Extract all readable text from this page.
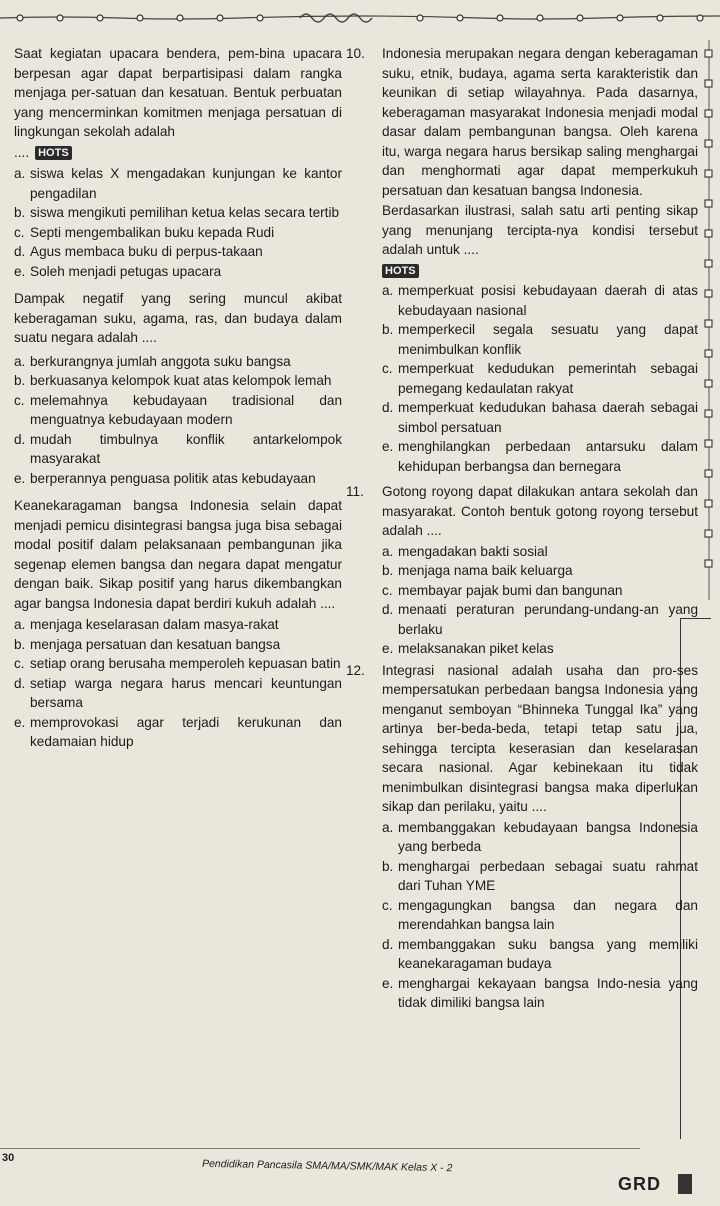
Saat kegiatan upacara bendera, pem-bina upacara berpesan agar dapat berpartisipasi dalam rangka menjaga per-satuan dan kesatuan. Bentuk perbuatan yang mencerminkan komitmen menjaga persatuan di lingkungan sekolah adalah

.... HOTS

a. siswa kelas X mengadakan kunjungan ke kantor pengadilan
b. siswa mengikuti pemilihan ketua kelas secara tertib
c. Septi mengembalikan buku kepada Rudi
d. Agus membaca buku di perpus-takaan
e. Soleh menjadi petugas upacara

Dampak negatif yang sering muncul akibat keberagaman suku, agama, ras, dan budaya dalam suatu negara adalah ....

a. berkurangnya jumlah anggota suku bangsa
b. berkuasanya kelompok kuat atas kelompok lemah
c. melemahnya kebudayaan tradisional dan menguatnya kebudayaan modern
d. mudah timbulnya konflik antarkelompok masyarakat
e. berperannya penguasa politik atas kebudayaan

Keanekaragaman bangsa Indonesia selain dapat menjadi pemicu disintegrasi bangsa juga bisa sebagai modal positif dalam pelaksanaan pembangunan jika segenap elemen bangsa dan negara dapat mengatur dengan baik. Sikap positif yang harus dikembangkan agar bangsa Indonesia dapat berdiri kukuh adalah ....

a. menjaga keselarasan dalam masya-rakat
b. menjaga persatuan dan kesatuan bangsa
c. setiap orang berusaha memperoleh kepuasan batin
d. setiap warga negara harus mencari keuntungan bersama
e. memprovokasi agar terjadi kerukunan dan kedamaian hidup
10.	Indonesia merupakan negara dengan keberagaman suku, etnik, budaya, agama serta karakteristik dan keunikan di setiap wilayahnya. Pada dasarnya, keberagaman masyarakat Indonesia menjadi modal dasar dalam pembangunan bangsa. Oleh karena itu, warga negara harus bersikap saling menghargai dan menghormati agar dapat memperkukuh persatuan dan kesatuan bangsa Indonesia.

Berdasarkan ilustrasi, salah satu arti penting sikap yang menunjang tercipta-nya kondisi tersebut adalah untuk ....

HOTS
a. memperkuat posisi kebudayaan daerah di atas kebudayaan nasional
b. memperkecil segala sesuatu yang dapat menimbulkan konflik
c. memperkuat kedudukan pemerintah sebagai pemegang kedaulatan rakyat
d. memperkuat kedudukan bahasa daerah sebagai simbol persatuan
e. menghilangkan perbedaan antarsuku dalam kehidupan berbangsa dan bernegara
11.	Gotong royong dapat dilakukan antara sekolah dan masyarakat. Contoh bentuk gotong royong tersebut adalah ....

a. mengadakan bakti sosial
b. menjaga nama baik keluarga
c. membayar pajak bumi dan bangunan
d. menaati peraturan perundang-undang-an yang berlaku
e. melaksanakan piket kelas
12.	Integrasi nasional adalah usaha dan pro-ses mempersatukan perbedaan bangsa Indonesia yang menganut semboyan “Bhinneka Tunggal Ika” yang artinya ber-beda-beda, tetapi tetap satu jua, sehingga tercipta keserasian dan keselarasan secara nasional. Agar kebinekaan itu tidak menimbulkan disintegrasi bangsa maka diperlukan sikap dan perilaku, yaitu ....

a. membanggakan kebudayaan bangsa Indonesia yang berbeda
b. menghargai perbedaan sebagai suatu rahmat dari Tuhan YME
c. mengagungkan bangsa dan negara dan merendahkan bangsa lain
d. membanggakan suku bangsa yang memiliki keanekaragaman budaya
e. menghargai kekayaan bangsa Indo-nesia yang tidak dimiliki bangsa lain
30	Pendidikan Pancasila SMA/MA/SMK/MAK Kelas X - 2
GRD
